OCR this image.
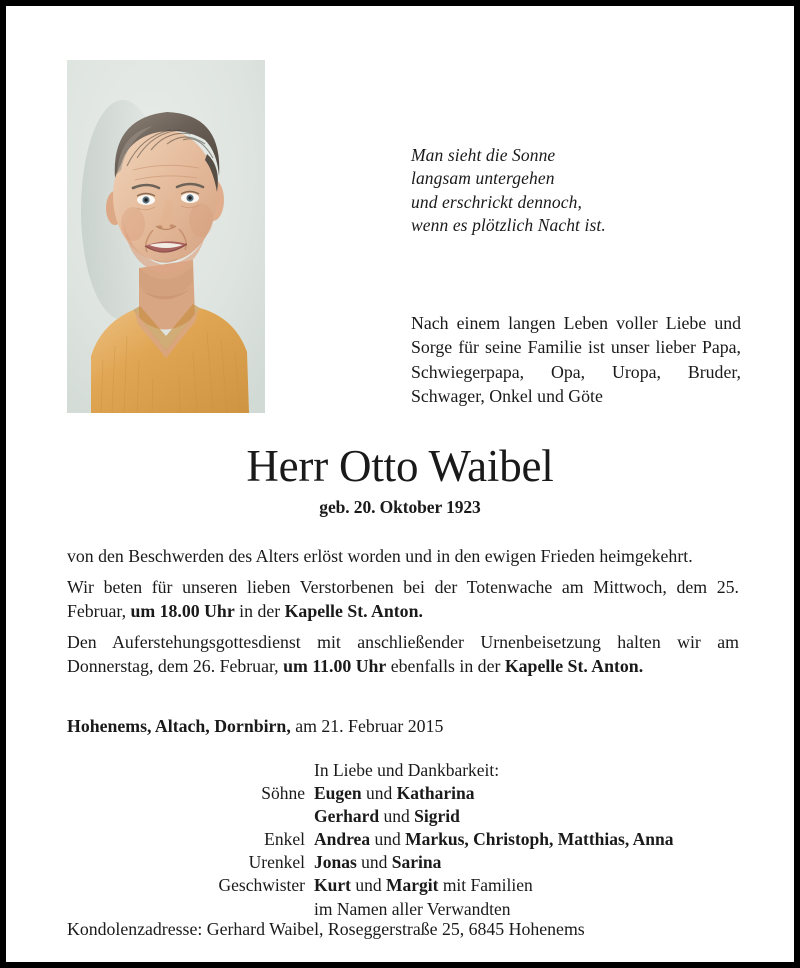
Man sieht die Sonne
langsam untergehen
und erschrickt dennoch,
wenn es plötzlich Nacht ist.
Nach einem langen Leben voller Liebe und Sorge für seine Familie ist unser lieber Papa, Schwiegerpapa, Opa, Uropa, Bruder, Schwager, Onkel und Göte
Herr Otto Waibel
geb. 20. Oktober 1923

von den Beschwerden des Alters erlöst worden und in den ewigen Frieden heimgekehrt.

Wir beten für unseren lieben Verstorbenen bei der Totenwache am Mittwoch, dem 25. Februar, um 18.00 Uhr in der Kapelle St. Anton.

Den Auferstehungsgottesdienst mit anschließender Urnenbeisetzung halten wir am Donnerstag, dem 26. Februar, um 11.00 Uhr ebenfalls in der Kapelle St. Anton.

Hohenems, Altach, Dornbirn, am 21. Februar 2015
	In Liebe und Dankbarkeit:
Söhne	Eugen und Katharina
	Gerhard und Sigrid
Enkel	Andrea und Markus, Christoph, Matthias, Anna
Urenkel	Jonas und Sarina
Geschwister	Kurt und Margit mit Familien
	im Namen aller Verwandten
Kondolenzadresse: Gerhard Waibel, Roseggerstraße 25, 6845 Hohenems
